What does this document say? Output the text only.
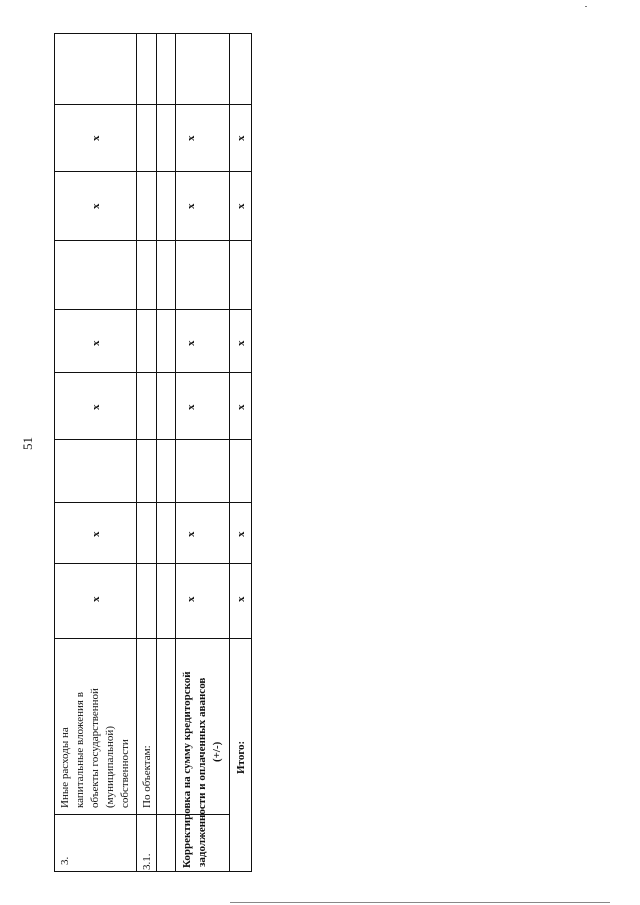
51
3.
Иные расходы на капитальные вложения в объекты государственной (муниципальной) собственности
3.1.
По объектам:	Корректировка на сумму кредиторской задолженности и оплаченных авансов (+/-) Итого:
х
х
х
х
х
х
х
х
х
х
х
х
х
х
х
х
х
х
